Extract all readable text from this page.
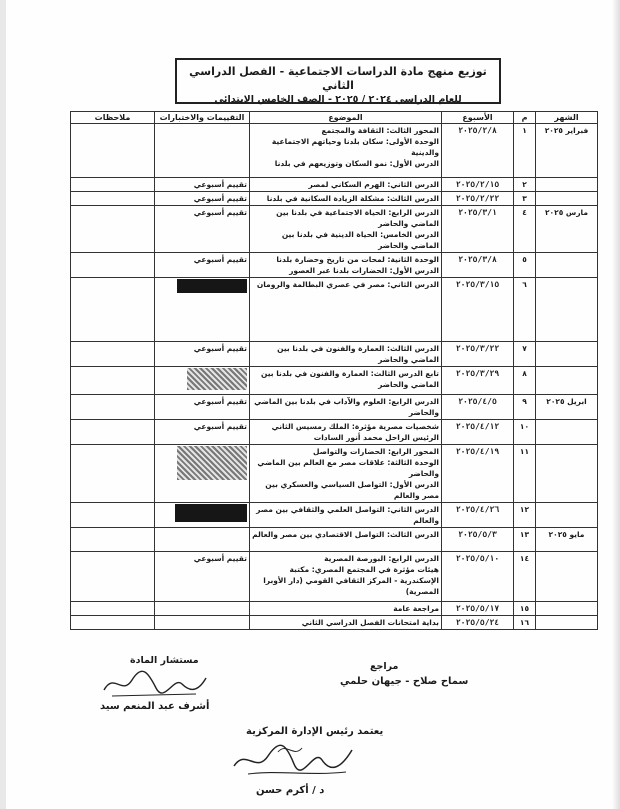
توزيع منهج مادة الدراسات الاجتماعية - الفصل الدراسي الثاني
للعام الدراسي ٢٠٢٤ / ٢٠٢٥ - الصف الخامس الابتدائي
الشهر	م	الأسبوع	الموضوع	التقييمات والاختبارات	ملاحظات
فبراير ٢٠٢٥	١	٢٠٢٥/٢/٨	المحور الثالث: الثقافة والمجتمع
الوحدة الأولى: سكان بلدنا وحياتهم الاجتماعية والدينية
الدرس الأول: نمو السكان وتوزيعهم في بلدنا		

	٢	٢٠٢٥/٢/١٥	الدرس الثاني: الهرم السكاني لمصر	تقييم أسبوعي	
	٣	٢٠٢٥/٢/٢٢	الدرس الثالث: مشكلة الزيادة السكانية في بلدنا	تقييم أسبوعي	
مارس ٢٠٢٥	٤	٢٠٢٥/٣/١	الدرس الرابع: الحياة الاجتماعية في بلدنا بين الماضي والحاضر
الدرس الخامس: الحياة الدينية في بلدنا بين الماضي والحاضر	تقييم أسبوعي	
	٥	٢٠٢٥/٣/٨	الوحدة الثانية: لمحات من تاريخ وحضارة بلدنا
الدرس الأول: الحضارات بلدنا عبر العصور	تقييم أسبوعي	
	٦	٢٠٢٥/٣/١٥	الدرس الثاني: مصر في عصري البطالمة والرومان		

	٧	٢٠٢٥/٣/٢٢	الدرس الثالث: العمارة والفنون في بلدنا بين الماضي والحاضر	تقييم أسبوعي	
	٨	٢٠٢٥/٣/٢٩	تابع الدرس الثالث: العمارة والفنون في بلدنا بين الماضي والحاضر		

ابريل ٢٠٢٥	٩	٢٠٢٥/٤/٥	الدرس الرابع: العلوم والآداب في بلدنا بين الماضي والحاضر	تقييم أسبوعي	
	١٠	٢٠٢٥/٤/١٢	شخصيات مصرية مؤثرة: الملك رمسيس الثاني
الرئيس الراحل محمد أنور السادات	تقييم أسبوعي	
	١١	٢٠٢٥/٤/١٩	المحور الرابع: الحضارات والتواصل
الوحدة الثالثة: علاقات مصر مع العالم بين الماضي والحاضر
الدرس الأول: التواصل السياسي والعسكري بين مصر والعالم		

	١٢	٢٠٢٥/٤/٢٦	الدرس الثاني: التواصل العلمي والثقافي بين مصر والعالم		

مايو ٢٠٢٥	١٣	٢٠٢٥/٥/٣	الدرس الثالث: التواصل الاقتصادي بين مصر والعالم		

	١٤	٢٠٢٥/٥/١٠	الدرس الرابع: البورصة المصرية
هيئات مؤثرة في المجتمع المصري: مكتبة الإسكندرية - المركز الثقافي القومي (دار الأوبرا المصرية)	تقييم أسبوعي	
	١٥	٢٠٢٥/٥/١٧	مراجعة عامة		

	١٦	٢٠٢٥/٥/٢٤	بداية امتحانات الفصل الدراسي الثاني		

مراجع
سماح صلاح - جيهان حلمي
مستشار المادة
أشرف عبد المنعم سيد
يعتمد رئيس الإدارة المركزية
د / أكرم حسن
